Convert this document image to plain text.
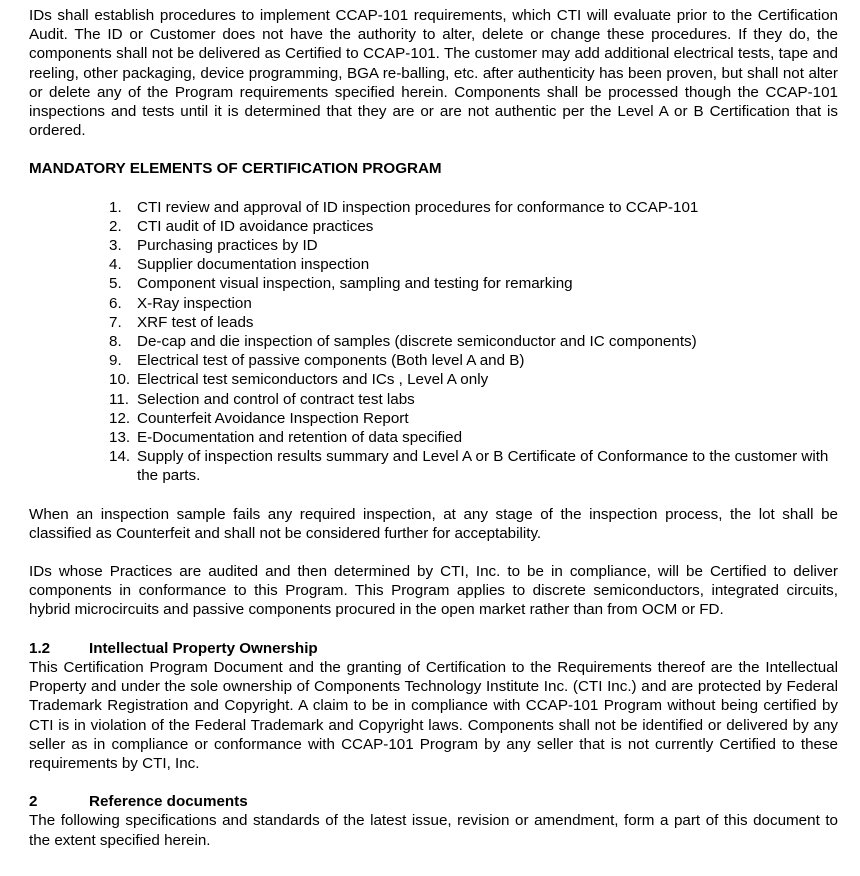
IDs shall establish procedures to implement CCAP-101 requirements, which CTI will evaluate prior to the Certification Audit. The ID or Customer does not have the authority to alter, delete or change these procedures. If they do, the components shall not be delivered as Certified to CCAP-101. The customer may add additional electrical tests, tape and reeling, other packaging, device programming, BGA re-balling, etc. after authenticity has been proven, but shall not alter or delete any of the Program requirements specified herein. Components shall be processed though the CCAP-101 inspections and tests until it is determined that they are or are not authentic per the Level A or B Certification that is ordered.

MANDATORY ELEMENTS OF CERTIFICATION PROGRAM

1. CTI review and approval of ID inspection procedures for conformance to CCAP-101
2. CTI audit of ID avoidance practices
3. Purchasing practices by ID
4. Supplier documentation inspection
5. Component visual inspection, sampling and testing for remarking
6. X-Ray inspection
7. XRF test of leads
8. De-cap and die inspection of samples (discrete semiconductor and IC components)
9. Electrical test of passive components (Both level A and B)
10. Electrical test semiconductors and ICs , Level A only
11. Selection and control of contract test labs
12. Counterfeit Avoidance Inspection Report
13. E-Documentation and retention of data specified
14. Supply of inspection results summary and Level A or B Certificate of Conformance to the customer with the parts.

When an inspection sample fails any required inspection, at any stage of the inspection process, the lot shall be classified as Counterfeit and shall not be considered further for acceptability.

IDs whose Practices are audited and then determined by CTI, Inc. to be in compliance, will be Certified to deliver components in conformance to this Program. This Program applies to discrete semiconductors, integrated circuits, hybrid microcircuits and passive components procured in the open market rather than from OCM or FD.

1.2	Intellectual Property Ownership

This Certification Program Document and the granting of Certification to the Requirements thereof are the Intellectual Property and under the sole ownership of Components Technology Institute Inc. (CTI Inc.) and are protected by Federal Trademark Registration and Copyright. A claim to be in compliance with CCAP-101 Program without being certified by CTI is in violation of the Federal Trademark and Copyright laws. Components shall not be identified or delivered by any seller as in compliance or conformance with CCAP-101 Program by any seller that is not currently Certified to these requirements by CTI, Inc.

2	Reference documents

The following specifications and standards of the latest issue, revision or amendment, form a part of this document to the extent specified herein.
